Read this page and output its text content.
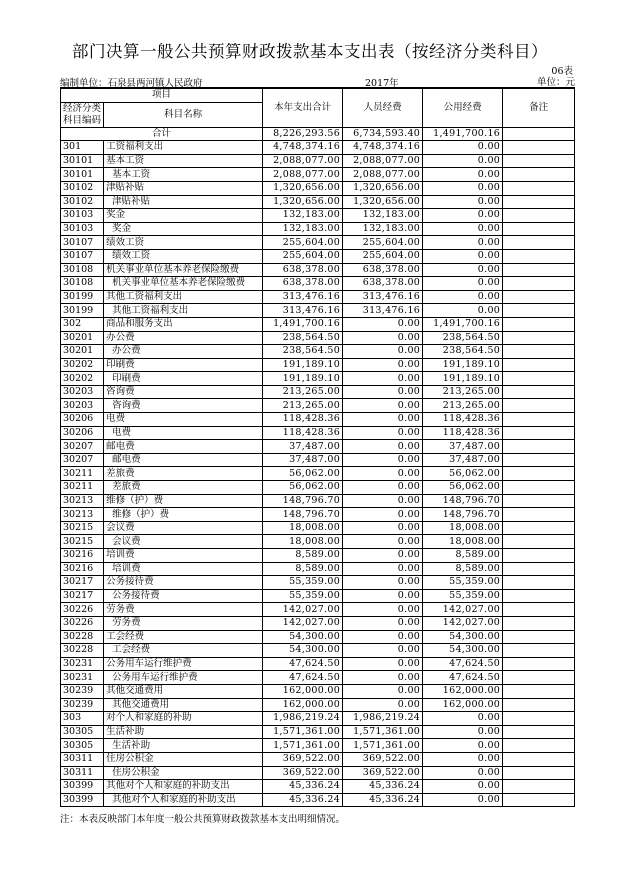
部门决算一般公共预算财政拨款基本支出表（按经济分类科目）
06表
编制单位：石泉县两河镇人民政府	2017年	单位：元
项目		本年支出合计	人员经费	公用经费	备注
经济分类科目编码	科目名称				
合计		8,226,293.56	6,734,593.40	1,491,700.16	
301	工资福利支出	4,748,374.16	4,748,374.16	0.00	
30101	基本工资	2,088,077.00	2,088,077.00	0.00	
30101	基本工资	2,088,077.00	2,088,077.00	0.00	
30102	津贴补贴	1,320,656.00	1,320,656.00	0.00	
30102	津贴补贴	1,320,656.00	1,320,656.00	0.00	
30103	奖金	132,183.00	132,183.00	0.00	
30103	奖金	132,183.00	132,183.00	0.00	
30107	绩效工资	255,604.00	255,604.00	0.00	
30107	绩效工资	255,604.00	255,604.00	0.00	
30108	机关事业单位基本养老保险缴费	638,378.00	638,378.00	0.00	
30108	机关事业单位基本养老保险缴费	638,378.00	638,378.00	0.00	
30199	其他工资福利支出	313,476.16	313,476.16	0.00	
30199	其他工资福利支出	313,476.16	313,476.16	0.00	
302	商品和服务支出	1,491,700.16	0.00	1,491,700.16	
30201	办公费	238,564.50	0.00	238,564.50	
30201	办公费	238,564.50	0.00	238,564.50	
30202	印刷费	191,189.10	0.00	191,189.10	
30202	印刷费	191,189.10	0.00	191,189.10	
30203	咨询费	213,265.00	0.00	213,265.00	
30203	咨询费	213,265.00	0.00	213,265.00	
30206	电费	118,428.36	0.00	118,428.36	
30206	电费	118,428.36	0.00	118,428.36	
30207	邮电费	37,487.00	0.00	37,487.00	
30207	邮电费	37,487.00	0.00	37,487.00	
30211	差旅费	56,062.00	0.00	56,062.00	
30211	差旅费	56,062.00	0.00	56,062.00	
30213	维修（护）费	148,796.70	0.00	148,796.70	
30213	维修（护）费	148,796.70	0.00	148,796.70	
30215	会议费	18,008.00	0.00	18,008.00	
30215	会议费	18,008.00	0.00	18,008.00	
30216	培训费	8,589.00	0.00	8,589.00	
30216	培训费	8,589.00	0.00	8,589.00	
30217	公务接待费	55,359.00	0.00	55,359.00	
30217	公务接待费	55,359.00	0.00	55,359.00	
30226	劳务费	142,027.00	0.00	142,027.00	
30226	劳务费	142,027.00	0.00	142,027.00	
30228	工会经费	54,300.00	0.00	54,300.00	
30228	工会经费	54,300.00	0.00	54,300.00	
30231	公务用车运行维护费	47,624.50	0.00	47,624.50	
30231	公务用车运行维护费	47,624.50	0.00	47,624.50	
30239	其他交通费用	162,000.00	0.00	162,000.00	
30239	其他交通费用	162,000.00	0.00	162,000.00	
303	对个人和家庭的补助	1,986,219.24	1,986,219.24	0.00	
30305	生活补助	1,571,361.00	1,571,361.00	0.00	
30305	生活补助	1,571,361.00	1,571,361.00	0.00	
30311	住房公积金	369,522.00	369,522.00	0.00	
30311	住房公积金	369,522.00	369,522.00	0.00	
30399	其他对个人和家庭的补助支出	45,336.24	45,336.24	0.00	
30399	其他对个人和家庭的补助支出	45,336.24	45,336.24	0.00	
注：本表反映部门本年度一般公共预算财政拨款基本支出明细情况。
